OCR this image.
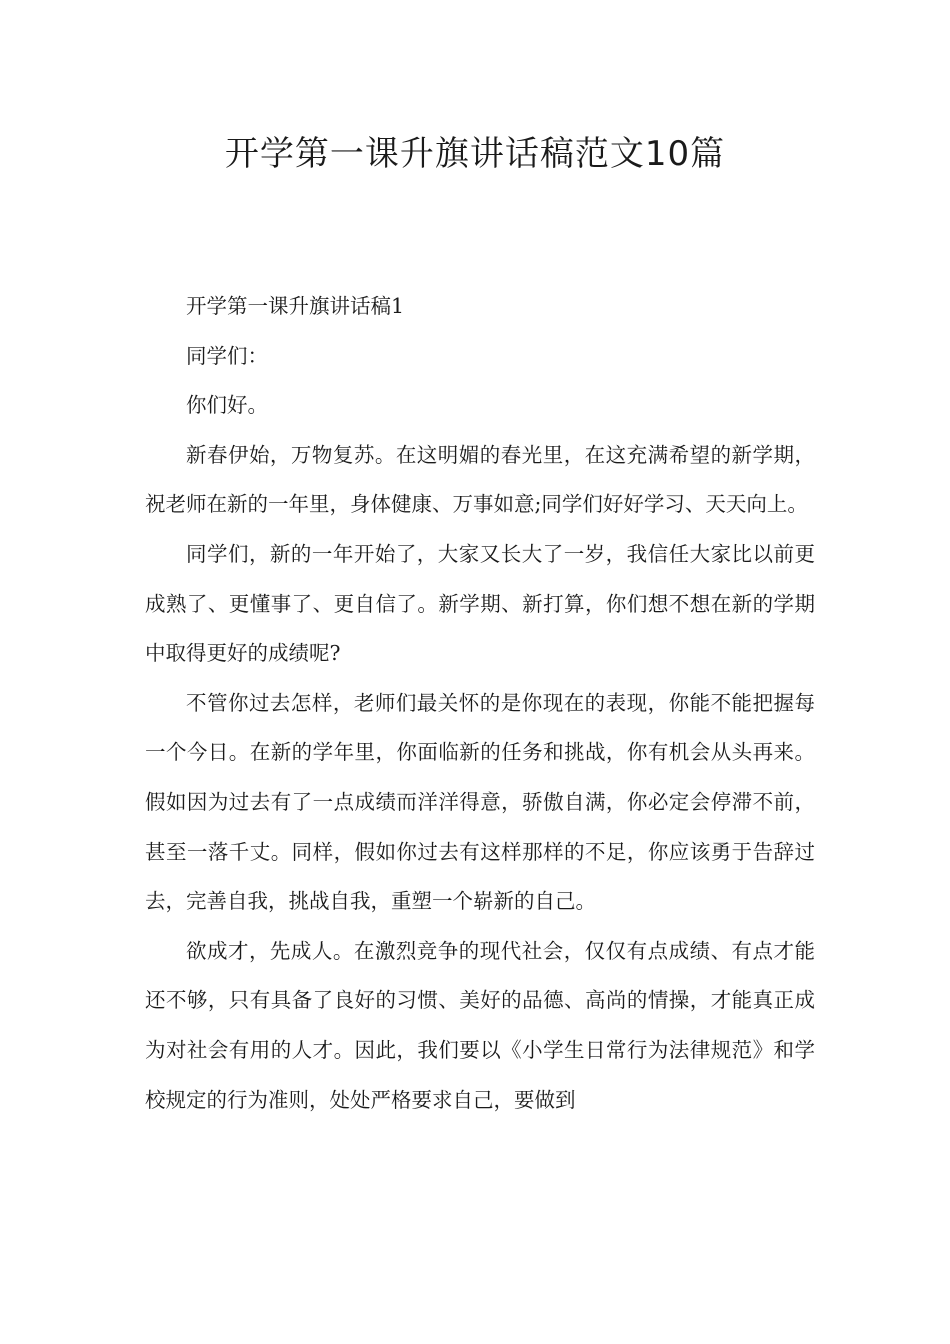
开学第一课升旗讲话稿范文10篇

开学第一课升旗讲话稿1

同学们：

你们好。

新春伊始，万物复苏。在这明媚的春光里，在这充满希望的新学期，祝老师在新的一年里，身体健康、万事如意;同学们好好学习、天天向上。

同学们，新的一年开始了，大家又长大了一岁，我信任大家比以前更成熟了、更懂事了、更自信了。新学期、新打算，你们想不想在新的学期中取得更好的成绩呢?

不管你过去怎样，老师们最关怀的是你现在的表现，你能不能把握每一个今日。在新的学年里，你面临新的任务和挑战，你有机会从头再来。假如因为过去有了一点成绩而洋洋得意，骄傲自满，你必定会停滞不前，甚至一落千丈。同样，假如你过去有这样那样的不足，你应该勇于告辞过去，完善自我，挑战自我，重塑一个崭新的自己。

欲成才，先成人。在激烈竞争的现代社会，仅仅有点成绩、有点才能还不够，只有具备了良好的习惯、美好的品德、高尚的情操，才能真正成为对社会有用的人才。因此，我们要以《小学生日常行为法律规范》和学校规定的行为准则，处处严格要求自己，要做到
